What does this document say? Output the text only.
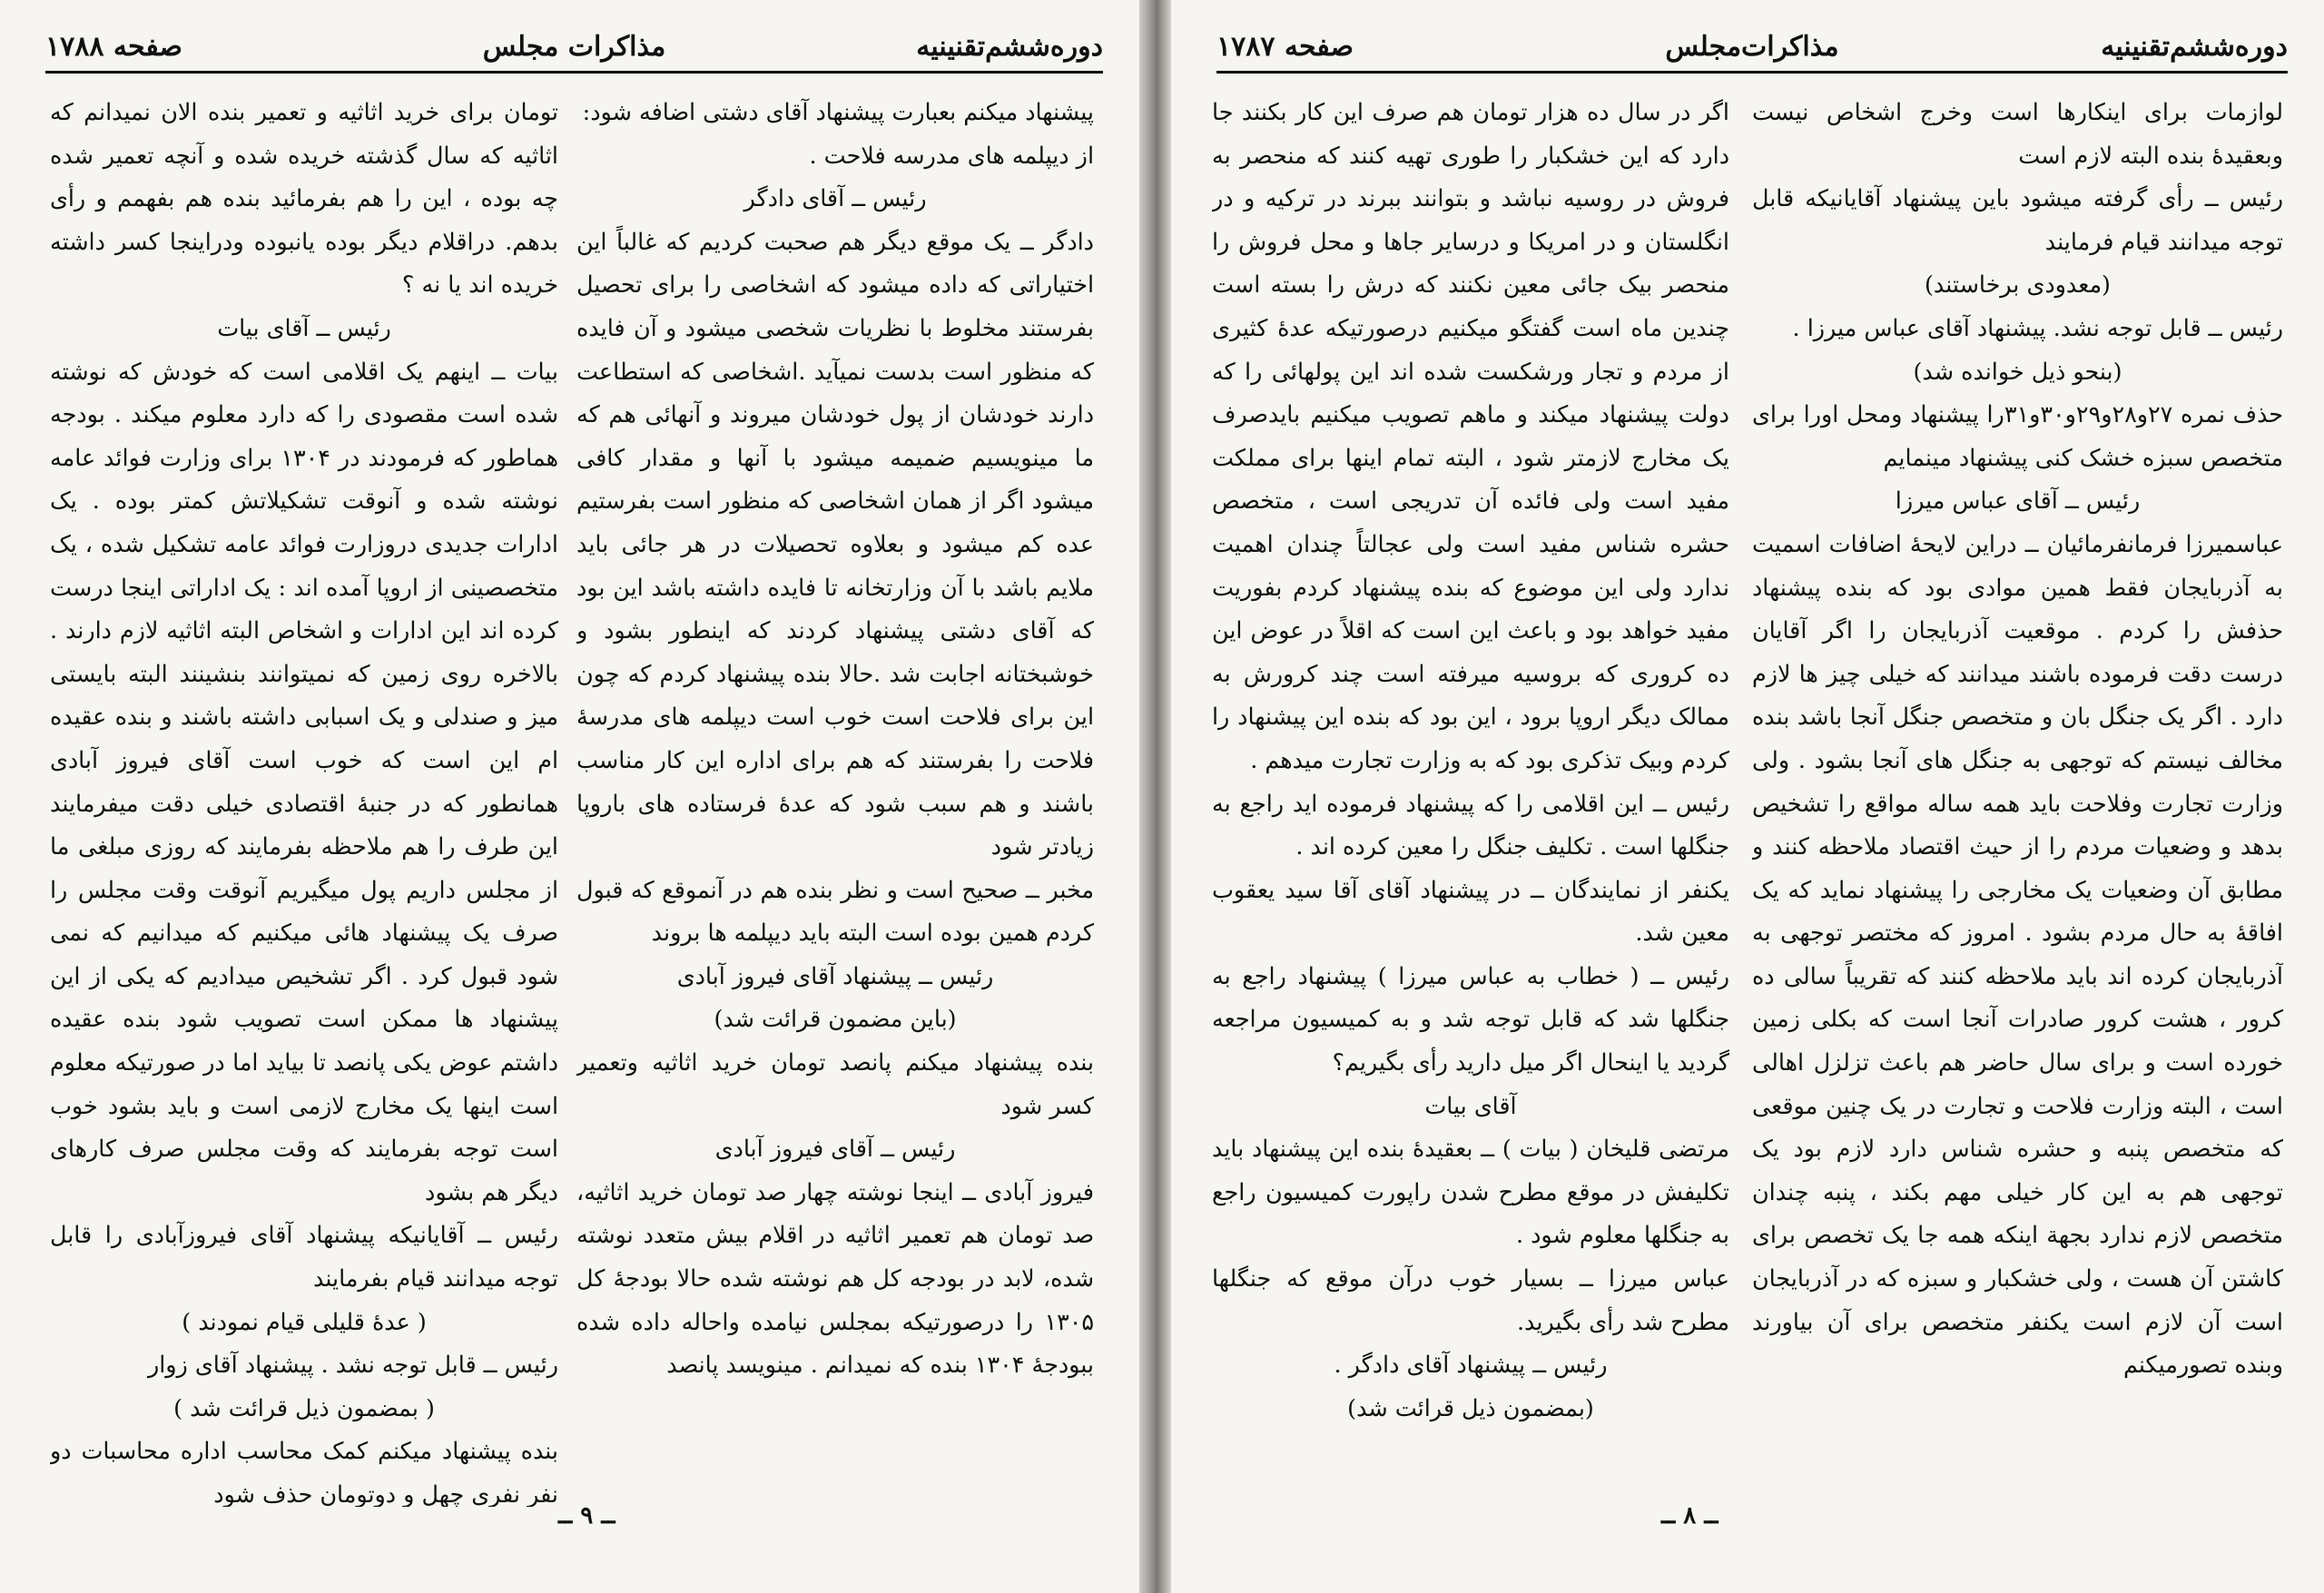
دوره‌ششم‌تقنینیه
مذاکرات مجلس
صفحه ۱۷۸۸

پیشنهاد میکنم بعبارت پیشنهاد آقای دشتی اضافه شود:

از دیپلمه های مدرسه فلاحت .

رئیس ــ آقای دادگر

دادگر ــ یک موقع دیگر هم صحبت کردیم که غالباً این اختیاراتی که داده میشود که اشخاصی را برای تحصیل بفرستند مخلوط با نظریات شخصی میشود و آن فایده که منظور است بدست نمیآید .اشخاصی که استطاعت دارند خودشان از پول خودشان میروند و آنهائی هم که ما مینویسیم ضمیمه میشود با آنها و مقدار کافی میشود اگر از همان اشخاصی که منظور است بفرستیم عده کم میشود و بعلاوه تحصیلات در هر جائی باید ملایم باشد با آن وزارتخانه تا فایده داشته باشد این بود که آقای دشتی پیشنهاد کردند که اینطور بشود و خوشبختانه اجابت شد .حالا بنده پیشنهاد کردم که چون این برای فلاحت است خوب است دیپلمه های مدرسهٔ فلاحت را بفرستند که هم برای اداره این کار مناسب باشند و هم سبب شود که عدهٔ فرستاده های باروپا زیادتر شود

مخبر ــ صحیح است و نظر بنده هم در آنموقع که قبول کردم همین بوده است البته باید دیپلمه ها بروند

رئیس ــ پیشنهاد آقای فیروز آبادی

(باین مضمون قرائت شد)

بنده پیشنهاد میکنم پانصد تومان خرید اثاثیه وتعمیر کسر شود

رئیس ــ آقای فیروز آبادی

فیروز آبادی ــ اینجا نوشته چهار صد تومان خرید اثاثیه، صد تومان هم تعمیر اثاثیه در اقلام بیش متعدد نوشته شده، لابد در بودجه کل هم نوشته شده حالا بودجهٔ کل ۱۳۰۵ را درصورتیکه بمجلس نیامده واحاله داده شده ببودجهٔ ۱۳۰۴ بنده که نمیدانم . مینویسد پانصد

تومان برای خرید اثاثیه و تعمیر بنده الان نمیدانم که اثاثیه که سال گذشته خریده شده و آنچه تعمیر شده چه بوده ، این را هم بفرمائید بنده هم بفهمم و رأی بدهم. دراقلام دیگر بوده یانبوده ودراینجا کسر داشته خریده اند یا نه ؟

رئیس ــ آقای بیات

بیات ــ اینهم یک اقلامی است که خودش که نوشته شده است مقصودی را که دارد معلوم میکند . بودجه هماطور که فرمودند در ۱۳۰۴ برای وزارت فوائد عامه نوشته شده و آنوقت تشکیلاتش کمتر بوده . یک ادارات جدیدی دروزارت فوائد عامه تشکیل شده ، یک متخصصینی از اروپا آمده اند : یک اداراتی اینجا درست کرده اند این ادارات و اشخاص البته اثاثیه لازم دارند . بالاخره روی زمین که نمیتوانند بنشینند البته بایستی میز و صندلی و یک اسبابی داشته باشند و بنده عقیده ام این است که خوب است آقای فیروز آبادی همانطور که در جنبهٔ اقتصادی خیلی دقت میفرمایند این طرف را هم ملاحظه بفرمایند که روزی مبلغی ما از مجلس داریم پول میگیریم آنوقت وقت مجلس را صرف یک پیشنهاد هائی میکنیم که میدانیم که نمی شود قبول کرد . اگر تشخیص میدادیم که یکی از این پیشنهاد ها ممکن است تصویب شود بنده عقیده داشتم عوض یکی پانصد تا بیاید اما در صورتیکه معلوم است اینها یک مخارج لازمی است و باید بشود خوب است توجه بفرمایند که وقت مجلس صرف کارهای دیگر هم بشود

رئیس ــ آقایانیکه پیشنهاد آقای فیروزآبادی را قابل توجه میدانند قیام بفرمایند

( عدهٔ قلیلی قیام نمودند )

رئیس ــ قابل توجه نشد . پیشنهاد آقای زوار

( بمضمون ذیل قرائت شد )

بنده پیشنهاد میکنم کمک محاسب اداره محاسبات دو نفر نفری چهل و دوتومان حذف شود

ــ ۹ ــ
دوره‌ششم‌تقنینیه
مذاکرات‌مجلس
صفحه ۱۷۸۷

لوازمات برای اینکارها است وخرج اشخاص نیست وبعقیدهٔ بنده البته لازم است

رئیس ــ رأی گرفته میشود باین پیشنهاد آقایانیکه قابل توجه میدانند قیام فرمایند

(معدودی برخاستند)

رئیس ــ قابل توجه نشد. پیشنهاد آقای عباس میرزا .

(بنحو ذیل خوانده شد)

حذف نمره ۲۷و۲۸و۲۹و۳۰و۳۱را پیشنهاد ومحل اورا برای متخصص سبزه خشک کنی پیشنهاد مینمایم

رئیس ــ آقای عباس میرزا

عباسمیرزا فرمانفرمائیان ــ دراین لایحهٔ اضافات اسمیت به آذربایجان فقط همین موادی بود که بنده پیشنهاد حذفش را کردم . موقعیت آذربایجان را اگر آقایان درست دقت فرموده باشند میدانند که خیلی چیز ها لازم دارد . اگر یک جنگل بان و متخصص جنگل آنجا باشد بنده مخالف نیستم که توجهی به جنگل های آنجا بشود . ولی وزارت تجارت وفلاحت باید همه ساله مواقع را تشخیص بدهد و وضعیات مردم را از حیث اقتصاد ملاحظه کنند و مطابق آن وضعیات یک مخارجی را پیشنهاد نماید که یک افاقهٔ به حال مردم بشود . امروز که مختصر توجهی به آذربایجان کرده اند باید ملاحظه کنند که تقریباً سالی ده کرور ، هشت کرور صادرات آنجا است که بکلی زمین خورده است و برای سال حاضر هم باعث تزلزل اهالی است ، البته وزارت فلاحت و تجارت در یک چنین موقعی که متخصص پنبه و حشره شناس دارد لازم بود یک توجهی هم به این کار خیلی مهم بکند ، پنبه چندان متخصص لازم ندارد بجهة اینکه همه جا یک تخصص برای کاشتن آن هست ، ولی خشکبار و سبزه که در آذربایجان است آن لازم است یکنفر متخصص برای آن بیاورند وبنده تصورمیکنم

اگر در سال ده هزار تومان هم صرف این کار بکنند جا دارد که این خشکبار را طوری تهیه کنند که منحصر به فروش در روسیه نباشد و بتوانند ببرند در ترکیه و در انگلستان و در امریکا و درسایر جاها و محل فروش را منحصر بیک جائی معین نکنند که درش را بسته است چندین ماه است گفتگو میکنیم درصورتیکه عدهٔ کثیری از مردم و تجار ورشکست شده اند این پولهائی را که دولت پیشنهاد میکند و ماهم تصویب میکنیم بایدصرف یک مخارج لازمتر شود ، البته تمام اینها برای مملکت مفید است ولی فائده آن تدریجی است ، متخصص حشره شناس مفید است ولی عجالتاً چندان اهمیت ندارد ولی این موضوع که بنده پیشنهاد کردم بفوریت مفید خواهد بود و باعث این است که اقلاً در عوض این ده کروری که بروسیه میرفته است چند کرورش به ممالک دیگر اروپا برود ، این بود که بنده این پیشنهاد را کردم وبیک تذکری بود که به وزارت تجارت میدهم .

رئیس ــ این اقلامی را که پیشنهاد فرموده اید راجع به جنگلها است . تکلیف جنگل را معین کرده اند .

یکنفر از نمایندگان ــ در پیشنهاد آقای آقا سید یعقوب معین شد.

رئیس ــ ( خطاب به عباس میرزا ) پیشنهاد راجع به جنگلها شد که قابل توجه شد و به کمیسیون مراجعه گردید یا اینحال اگر میل دارید رأی بگیریم؟

آقای بیات

مرتضی قلیخان ( بیات ) ــ بعقیدهٔ بنده این پیشنهاد باید تکلیفش در موقع مطرح شدن راپورت کمیسیون راجع به جنگلها معلوم شود .

عباس میرزا ــ بسیار خوب درآن موقع که جنگلها مطرح شد رأی بگیرید.

رئیس ــ پیشنهاد آقای دادگر .

(بمضمون ذیل قرائت شد)

ــ ۸ ــ
